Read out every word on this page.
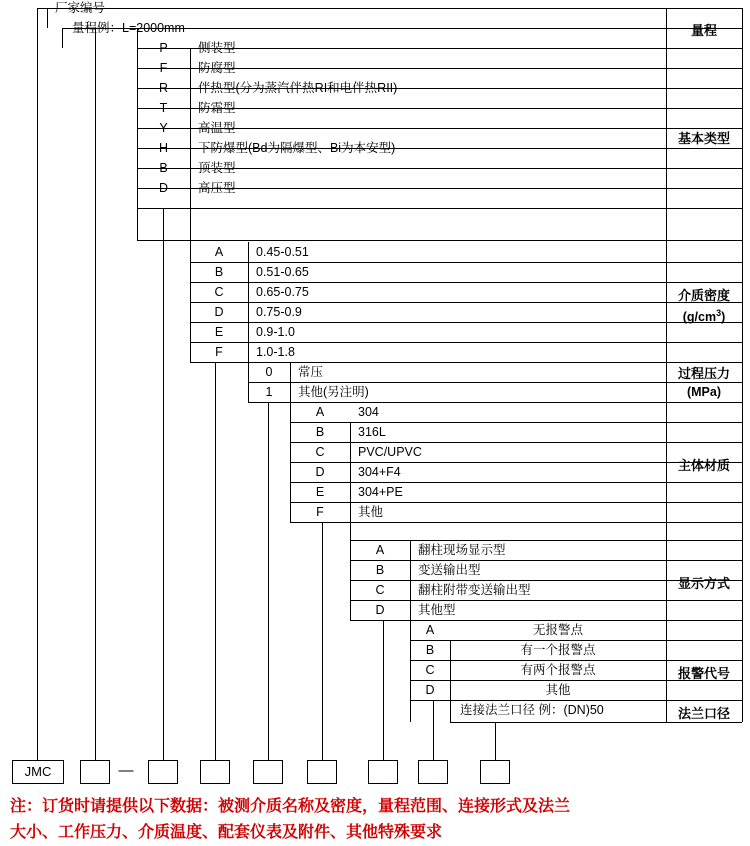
厂家编号
量程例：L=2000mm
P	侧装型
F	防腐型
R	伴热型(分为蒸汽伴热RI和电伴热RII)
T	防霜型
Y	高温型
H	下防爆型(Bd为隔爆型、Bi为本安型)
B	顶装型
D	高压型
A	0.45-0.51
B	0.51-0.65
C	0.65-0.75
D	0.75-0.9
E	0.9-1.0
F	1.0-1.8
0	常压
1	其他(另注明)
A	304
B	316L
C	PVC/UPVC
D	304+F4
E	304+PE
F	其他
A	翻柱现场显示型
B	变送输出型
C	翻柱附带变送输出型
D	其他型
A	无报警点
B	有一个报警点
C	有两个报警点
D	其他
连接法兰口径 例：(DN)50
量程
基本类型
介质密度
$(g/cm^3)$
过程压力
(MPa)
主体材质
显示方式
报警代号
法兰口径
JMC	—
注：订货时请提供以下数据：被测介质名称及密度，量程范围、连接形式及法兰
大小、工作压力、介质温度、配套仪表及附件、其他特殊要求
